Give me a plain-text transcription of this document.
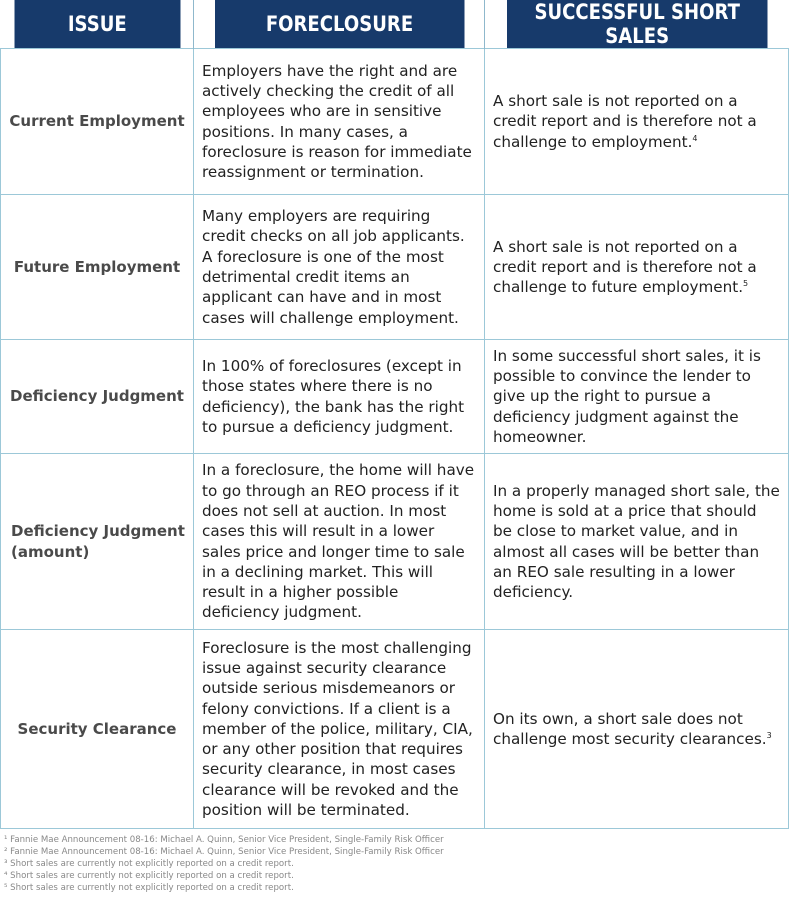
ISSUE	FORECLOSURE	SUCCESSFUL SHORT SALES
Current Employment	Employers have the right and are actively checking the credit of all employees who are in sensitive positions. In many cases, a foreclosure is reason for immediate reassignment or termination.	A short sale is not reported on a credit report and is therefore not a challenge to employment.$^4$
Future Employment	Many employers are requiring credit checks on all job applicants. A foreclosure is one of the most detrimental credit items an applicant can have and in most cases will challenge employment.	A short sale is not reported on a credit report and is therefore not a challenge to future employment.$^5$
Deficiency Judgment	In 100% of foreclosures (except in those states where there is no deficiency), the bank has the right to pursue a deficiency judgment.	In some successful short sales, it is possible to convince the lender to give up the right to pursue a deficiency judgment against the homeowner.
Deficiency Judgment (amount)	In a foreclosure, the home will have to go through an REO process if it does not sell at auction. In most cases this will result in a lower sales price and longer time to sale in a declining market. This will result in a higher possible deficiency judgment.	In a properly managed short sale, the home is sold at a price that should be close to market value, and in almost all cases will be better than an REO sale resulting in a lower deficiency.
Security Clearance	Foreclosure is the most challenging issue against security clearance outside serious misdemeanors or felony convictions. If a client is a member of the police, military, CIA, or any other position that requires security clearance, in most cases clearance will be revoked and the position will be terminated.	On its own, a short sale does not challenge most security clearances.$^3$
¹ Fannie Mae Announcement 08-16: Michael A. Quinn, Senior Vice President, Single-Family Risk Officer
² Fannie Mae Announcement 08-16: Michael A. Quinn, Senior Vice President, Single-Family Risk Officer
³ Short sales are currently not explicitly reported on a credit report.
⁴ Short sales are currently not explicitly reported on a credit report.
⁵ Short sales are currently not explicitly reported on a credit report.
